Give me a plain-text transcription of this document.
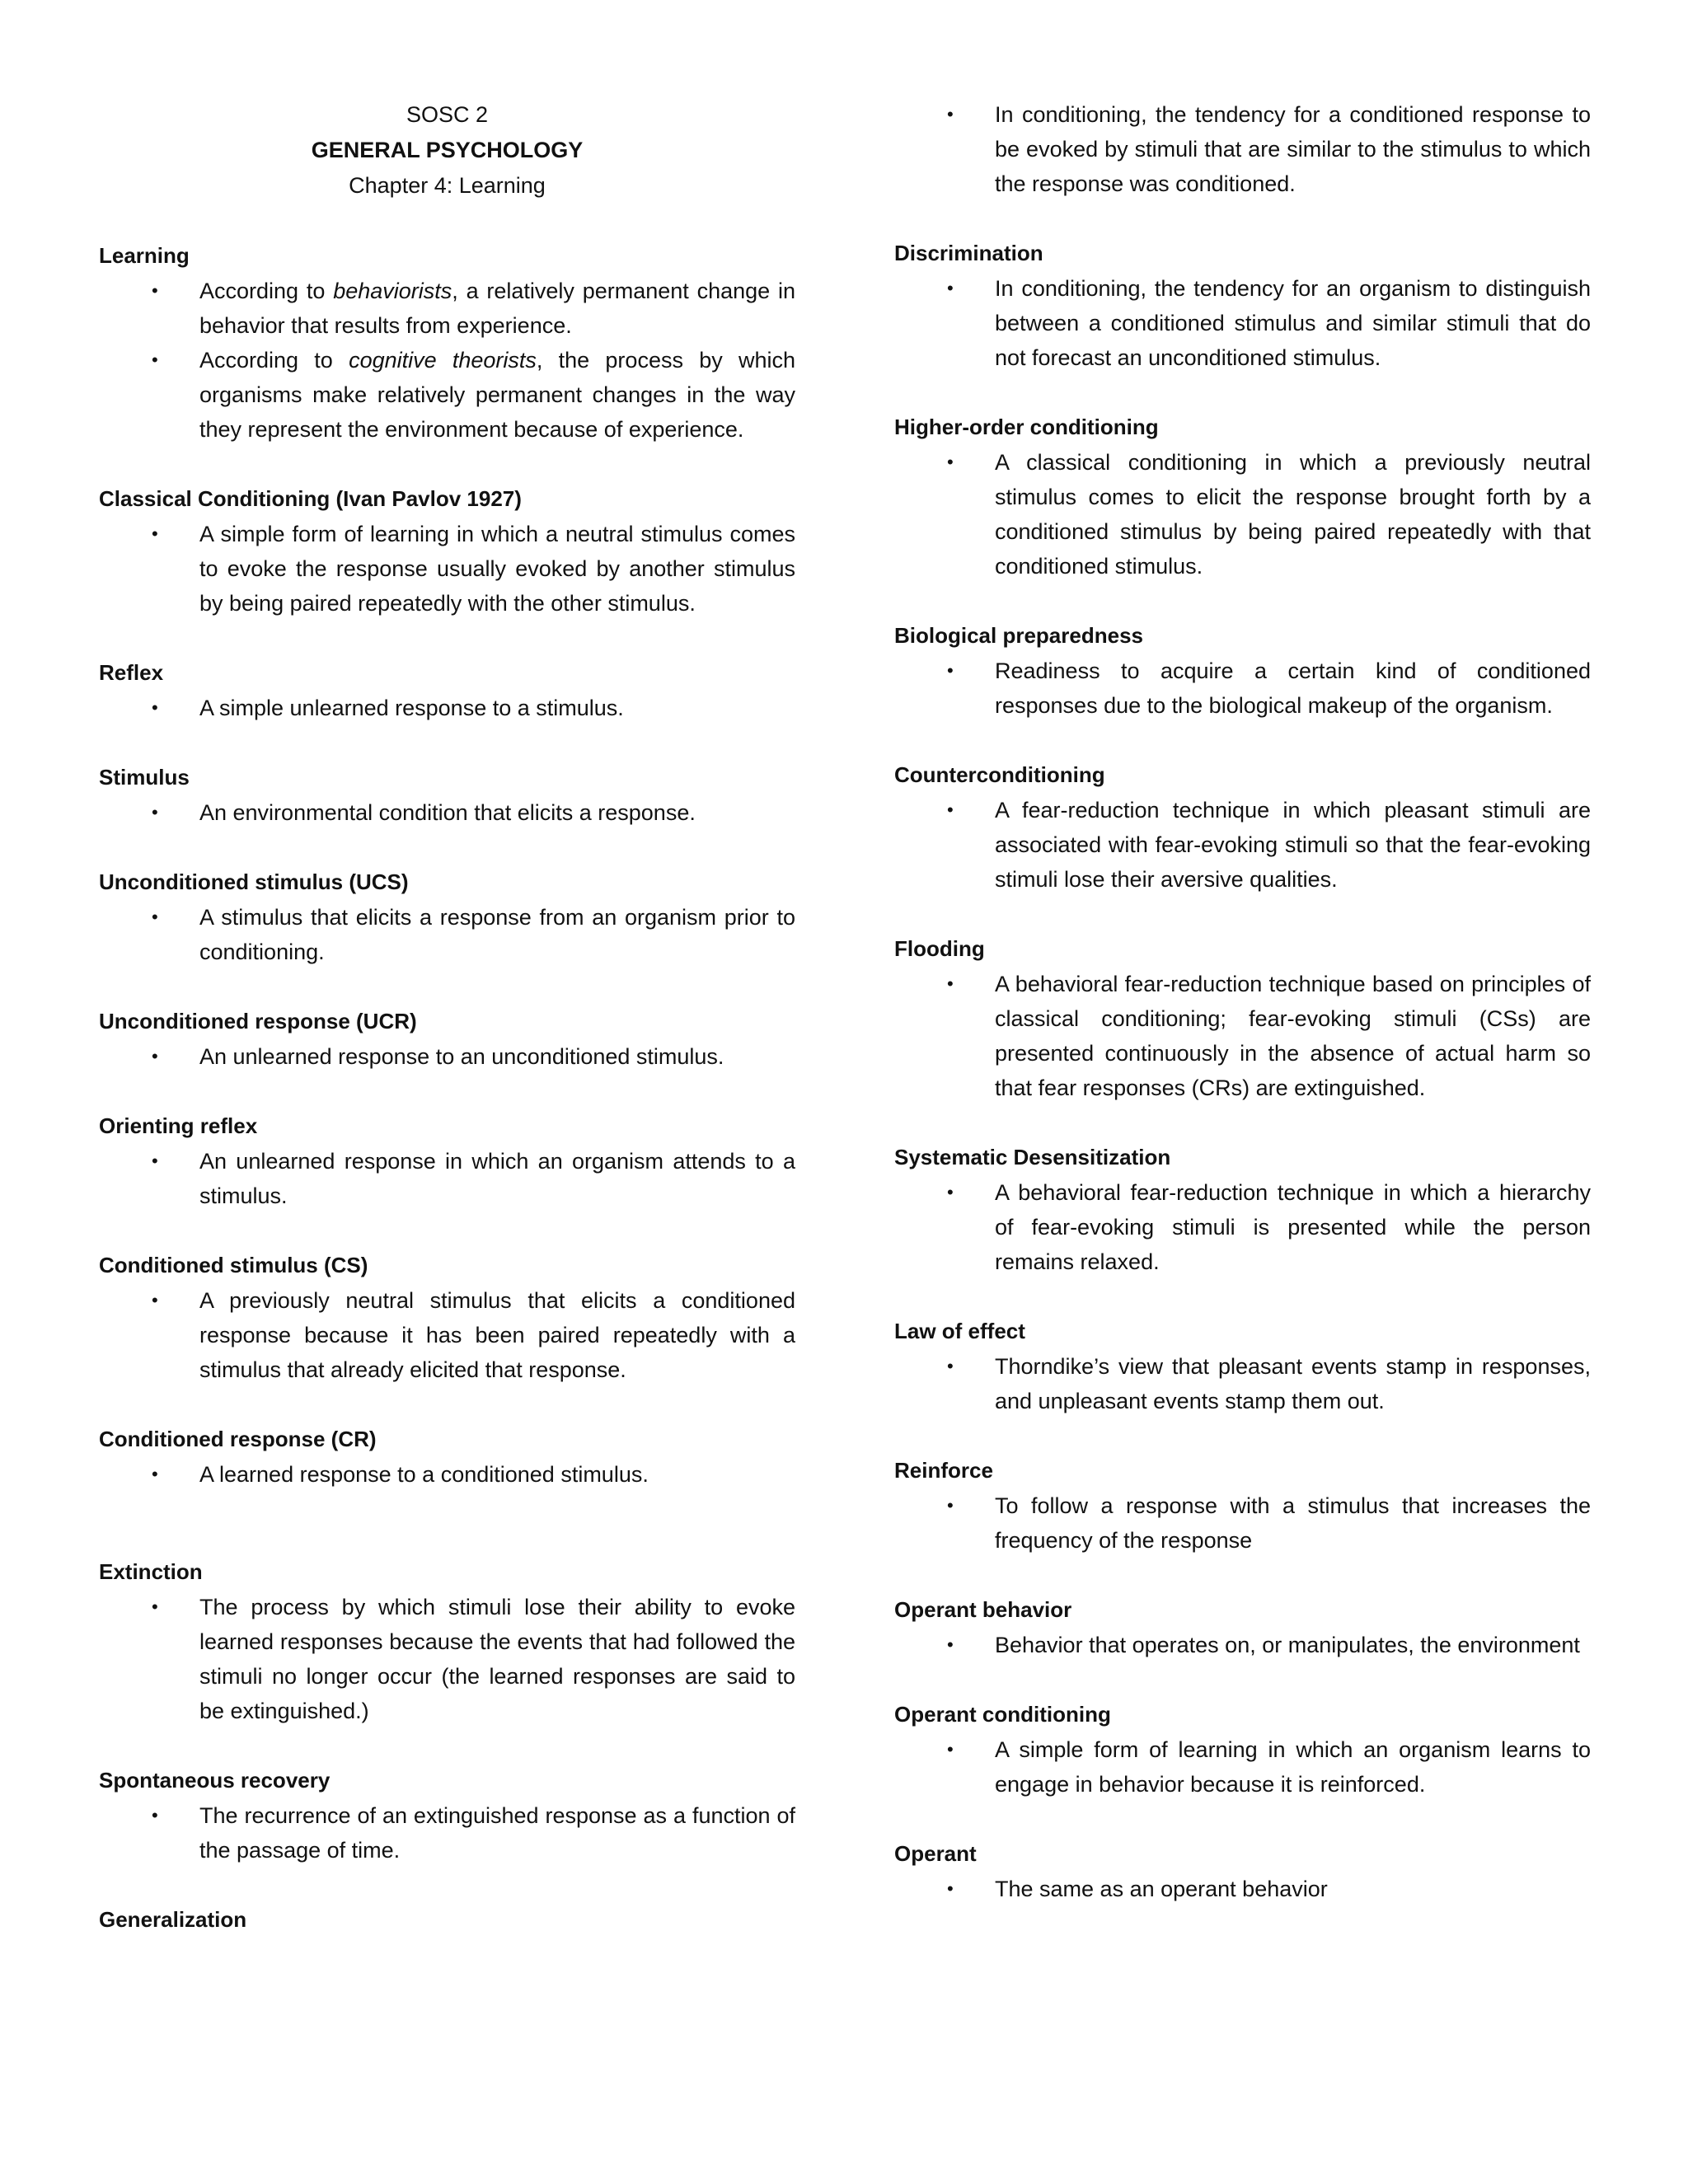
SOSC 2
GENERAL PSYCHOLOGY
Chapter 4: Learning
Learning
• According to behaviorists, a relatively permanent change in behavior that results from experience.
• According to cognitive theorists, the process by which organisms make relatively permanent changes in the way they represent the environment because of experience.
Classical Conditioning (Ivan Pavlov 1927)
• A simple form of learning in which a neutral stimulus comes to evoke the response usually evoked by another stimulus by being paired repeatedly with the other stimulus.
Reflex
• A simple unlearned response to a stimulus.
Stimulus
• An environmental condition that elicits a response.
Unconditioned stimulus (UCS)
• A stimulus that elicits a response from an organism prior to conditioning.
Unconditioned response (UCR)
• An unlearned response to an unconditioned stimulus.
Orienting reflex
• An unlearned response in which an organism attends to a stimulus.
Conditioned stimulus (CS)
• A previously neutral stimulus that elicits a conditioned response because it has been paired repeatedly with a stimulus that already elicited that response.
Conditioned response (CR)
• A learned response to a conditioned stimulus.
Extinction
• The process by which stimuli lose their ability to evoke learned responses because the events that had followed the stimuli no longer occur (the learned responses are said to be extinguished.)
Spontaneous recovery
• The recurrence of an extinguished response as a function of the passage of time.
Generalization
• In conditioning, the tendency for a conditioned response to be evoked by stimuli that are similar to the stimulus to which the response was conditioned.
Discrimination
• In conditioning, the tendency for an organism to distinguish between a conditioned stimulus and similar stimuli that do not forecast an unconditioned stimulus.
Higher-order conditioning
• A classical conditioning in which a previously neutral stimulus comes to elicit the response brought forth by a conditioned stimulus by being paired repeatedly with that conditioned stimulus.
Biological preparedness
• Readiness to acquire a certain kind of conditioned responses due to the biological makeup of the organism.
Counterconditioning
• A fear-reduction technique in which pleasant stimuli are associated with fear-evoking stimuli so that the fear-evoking stimuli lose their aversive qualities.
Flooding
• A behavioral fear-reduction technique based on principles of classical conditioning; fear-evoking stimuli (CSs) are presented continuously in the absence of actual harm so that fear responses (CRs) are extinguished.
Systematic Desensitization
• A behavioral fear-reduction technique in which a hierarchy of fear-evoking stimuli is presented while the person remains relaxed.
Law of effect
• Thorndike’s view that pleasant events stamp in responses, and unpleasant events stamp them out.
Reinforce
• To follow a response with a stimulus that increases the frequency of the response
Operant behavior
• Behavior that operates on, or manipulates, the environment
Operant conditioning
• A simple form of learning in which an organism learns to engage in behavior because it is reinforced.
Operant
• The same as an operant behavior
